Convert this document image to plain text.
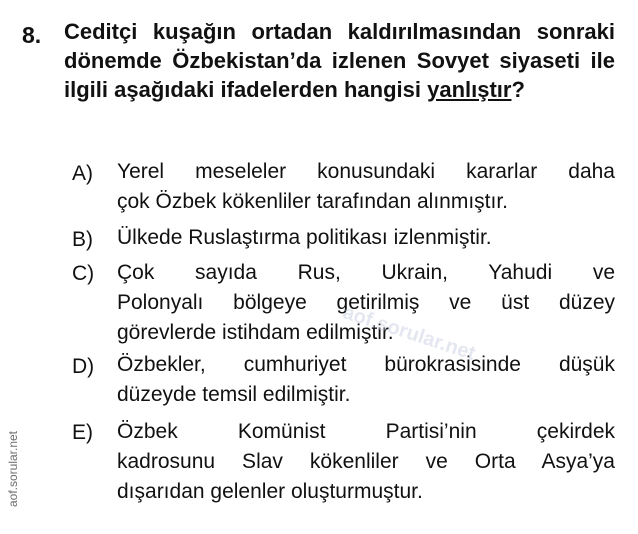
8. Ceditçi kuşağın ortadan kaldırılmasından sonraki dönemde Özbekistan’da izlenen Sovyet siyaseti ile ilgili aşağıdaki ifadelerden hangisi yanlıştır?
A) Yerel meseleler konusundaki kararlar daha
çok Özbek kökenliler tarafından alınmıştır.
B) Ülkede Ruslaştırma politikası izlenmiştir.
C) Çok sayıda Rus, Ukrain, Yahudi ve
Polonyalı bölgeye getirilmiş ve üst düzey
görevlerde istihdam edilmiştir.
D) Özbekler, cumhuriyet bürokrasisinde düşük
düzeyde temsil edilmiştir.
E) Özbek Komünist Partisi’nin çekirdek
kadrosunu Slav kökenliler ve Orta Asya’ya
dışarıdan gelenler oluşturmuştur.
aof.sorular.net
aof.sorular.net
